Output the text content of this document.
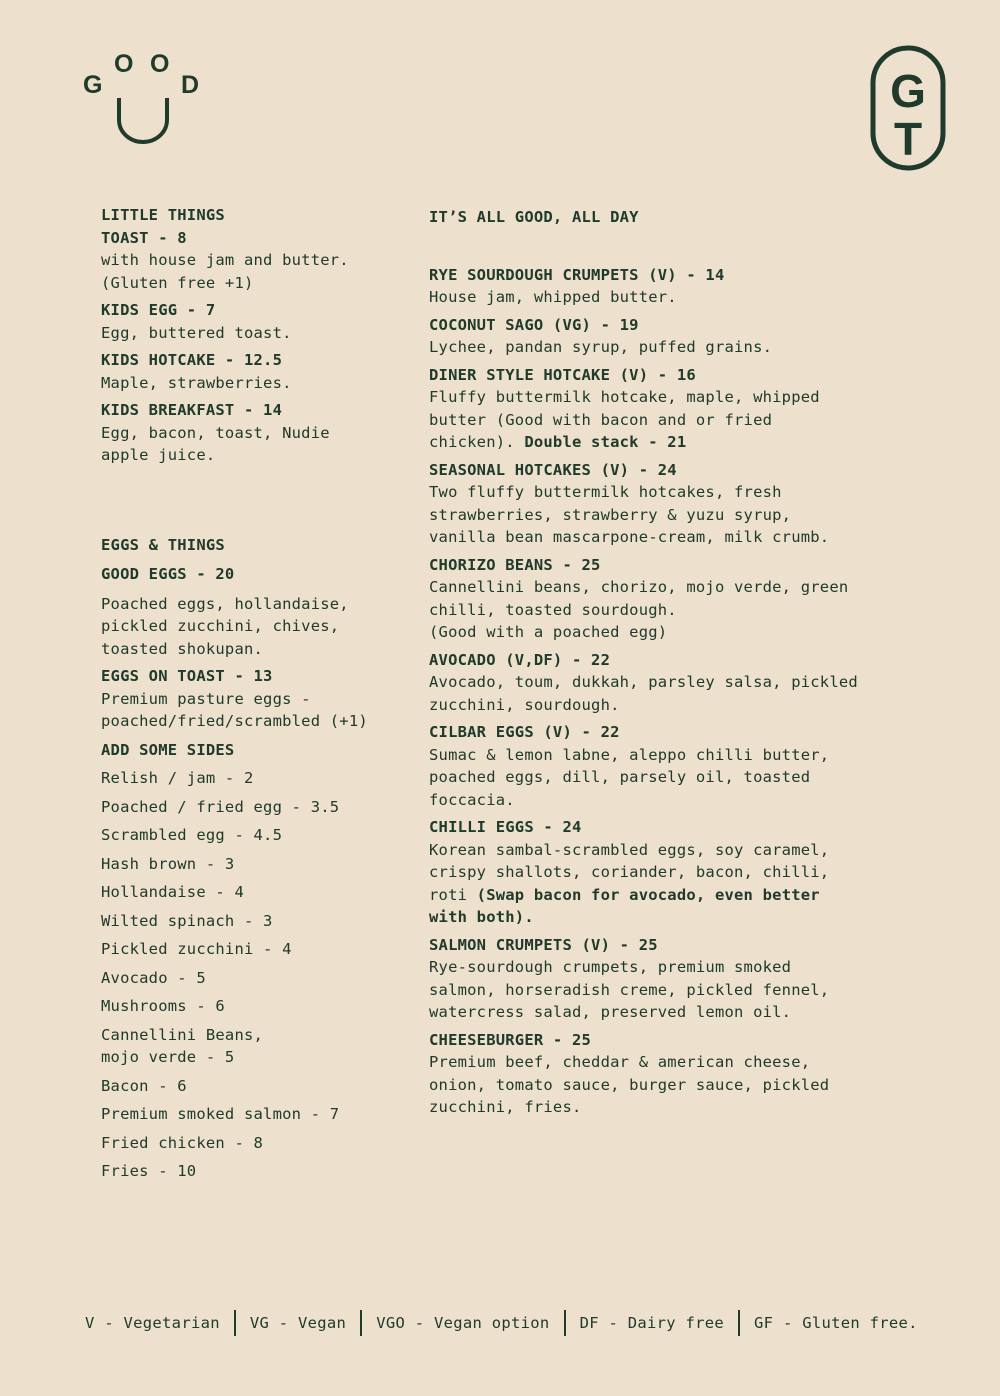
G
O O
D	G
T
LITTLE THINGS
TOAST - 8
with house jam and butter.
(Gluten free +1)
KIDS EGG - 7
Egg, buttered toast.
KIDS HOTCAKE - 12.5
Maple, strawberries.
KIDS BREAKFAST - 14
Egg, bacon, toast, Nudie
apple juice.
EGGS & THINGS
GOOD EGGS - 20
Poached eggs, hollandaise,
pickled zucchini, chives,
toasted shokupan.
EGGS ON TOAST - 13
Premium pasture eggs -
poached/fried/scrambled (+1)
ADD SOME SIDES
Relish / jam - 2
Poached / fried egg - 3.5
Scrambled egg - 4.5
Hash brown - 3
Hollandaise - 4
Wilted spinach - 3
Pickled zucchini - 4
Avocado - 5
Mushrooms - 6
Cannellini Beans,
mojo verde - 5
Bacon - 6
Premium smoked salmon - 7
Fried chicken - 8
Fries - 10
IT’S ALL GOOD, ALL DAY
RYE SOURDOUGH CRUMPETS (V) - 14
House jam, whipped butter.
COCONUT SAGO (VG) - 19
Lychee, pandan syrup, puffed grains.
DINER STYLE HOTCAKE (V) - 16
Fluffy buttermilk hotcake, maple, whipped
butter (Good with bacon and or fried
chicken). Double stack - 21
SEASONAL HOTCAKES (V) - 24
Two fluffy buttermilk hotcakes, fresh
strawberries, strawberry & yuzu syrup,
vanilla bean mascarpone-cream, milk crumb.
CHORIZO BEANS - 25
Cannellini beans, chorizo, mojo verde, green
chilli, toasted sourdough.
(Good with a poached egg)
AVOCADO (V,DF) - 22
Avocado, toum, dukkah, parsley salsa, pickled
zucchini, sourdough.
CILBAR EGGS (V) - 22
Sumac & lemon labne, aleppo chilli butter,
poached eggs, dill, parsely oil, toasted
foccacia.
CHILLI EGGS - 24
Korean sambal-scrambled eggs, soy caramel,
crispy shallots, coriander, bacon, chilli,
roti (Swap bacon for avocado, even better
with both).
SALMON CRUMPETS (V) - 25
Rye-sourdough crumpets, premium smoked
salmon, horseradish creme, pickled fennel,
watercress salad, preserved lemon oil.
CHEESEBURGER - 25
Premium beef, cheddar & american cheese,
onion, tomato sauce, burger sauce, pickled
zucchini, fries.
V - Vegetarian VG - Vegan VGO - Vegan option DF - Dairy free GF - Gluten free.
